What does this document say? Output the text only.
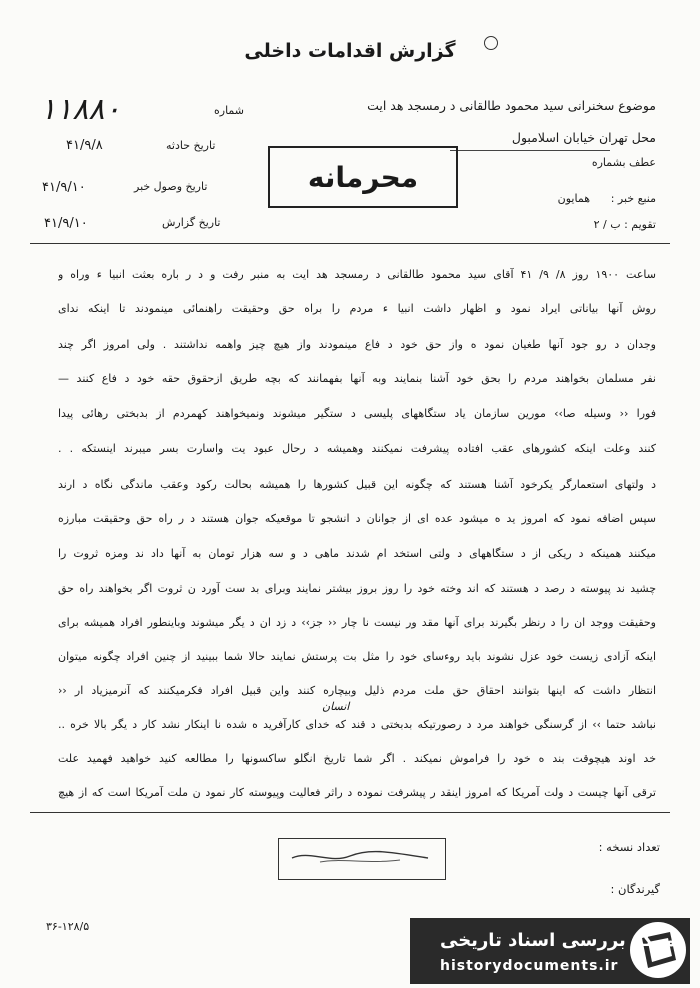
گزارش اقدامات داخلی
۱۱۸۸۰	شماره
۴۱/۹/۸	تاریخ حادثه
۴۱/۹/۱۰	تاریخ وصول خبر
۴۱/۹/۱۰	تاریخ گزارش
موضوع سخنرانی سید محمود طالقانی د رمسجد هد ایت
محل تهران خیابان اسلامبول
عطف بشماره
منبع خبر :
همایون
تقویم : ب / ۲
محرمانه
ساعت ۱۹۰۰ روز ۸/ ۹/ ۴۱ آقای سید محمود طالقانی د رمسجد هد ایت به منبر رفت و د ر باره بعثت انبیا ء وراه و
روش آنها بیاناتی ایراد نمود و اظهار داشت انبیا ء مردم را براه حق وحقیقت راهنمائی مینمودند تا اینکه ندای
وجدان د رو جود آنها طغیان نمود ه واز حق خود د فاع مینمودند واز هیچ چیز واهمه نداشتند . ولی امروز اگر چند
نفر مسلمان بخواهند مردم را بحق خود آشنا بنمایند وبه آنها بفهمانند که بچه طریق ازحقوق حقه خود د فاع کنند —
فورا ‹‹ وسیله صا›› مورین سازمان یاد ستگاههای پلیسی د ستگیر میشوند ونمیخواهند کهمردم از بدبختی رهائی پیدا
کنند وعلت اینکه کشورهای عقب افتاده پیشرفت نمیکنند وهمیشه د رحال عبود یت واسارت بسر میبرند اینستکه . .
د ولتهای استعمارگر یکرخود آشنا هستند که چگونه این قبیل کشورها را همیشه بحالت رکود وعقب ماندگی نگاه د ارند
سپس اضافه نمود که امروز ید ه میشود عده ای از جوانان د انشجو تا موقعیکه جوان هستند د ر راه حق وحقیقت مبارزه
میکنند همینکه د ریکی از د ستگاههای د ولتی استخد ام شدند ماهی د و سه هزار تومان به آنها داد ند ومزه ثروت را
چشید ند پیوسته د رصد د هستند که اند وخته خود را روز بروز بیشتر نمایند وبرای بد ست آورد ن ثروت اگر بخواهند راه حق
وحقیقت ووجد ان را د رنظر بگیرند برای آنها مقد ور نیست نا چار ‹‹ جز›› د زد ان د یگر میشوند وباینطور افراد همیشه برای
اینکه آزادی زیست خود عزل نشوند باید روءسای خود را مثل بت پرستش نمایند حالا شما ببینید از چنین افراد چگونه میتوان
انتظار داشت که اینها بتوانند احقاق حق ملت مردم ذلیل وبیچاره کنند واین قبیل افراد فکرمیکنند که آنرمیزیاد ار ‹‹
انسان
نباشد حتما ›› از گرسنگی خواهند مرد د رصورتیکه بدبختی د قند که خدای کارآفرید ه شده نا اینکار نشد کار د یگر بالا خره ..
خد اوند هیچوقت بند ه خود را فراموش نمیکند . اگر شما تاریخ انگلو ساکسونها را مطالعه کنید خواهید فهمید علت
ترقی آنها چیست د ولت آمریکا که امروز اینقد ر پیشرفت نموده د راثر فعالیت وپیوسته کار نمود ن ملت آمریکا است که از هیچ
تعداد نسخه :
گیرندگان :
۳۶-۱۲۸/۵
مرکز بررسی اسناد تاریخی
historydocuments.ir
